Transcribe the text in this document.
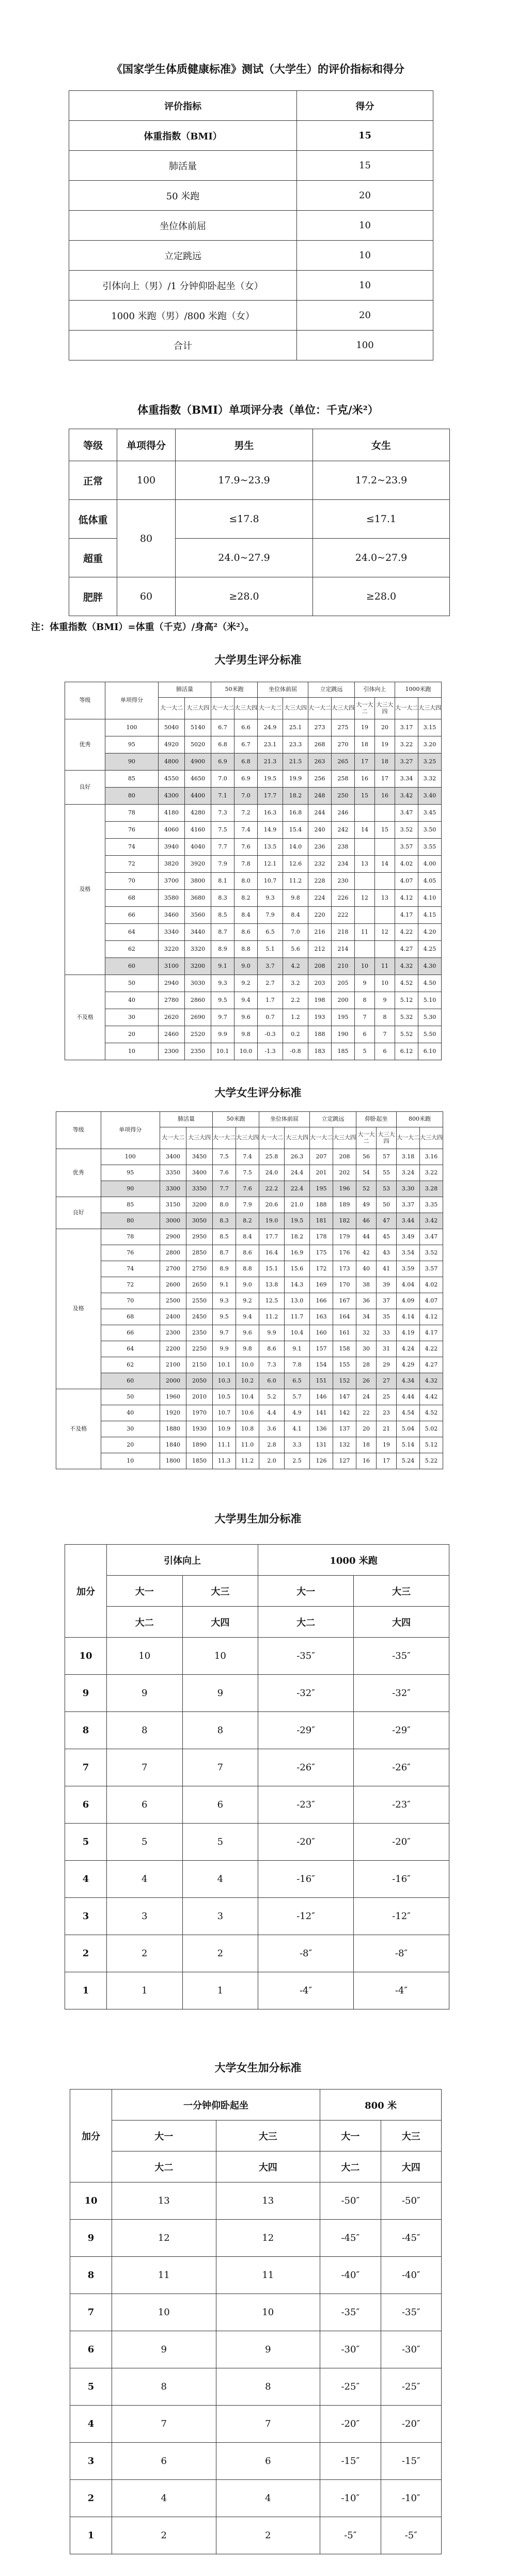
《国家学生体质健康标准》测试（大学生）的评价指标和得分
评价指标	得分
体重指数（BMI）	15
肺活量	15
50 米跑	20
坐位体前屈	10
立定跳远	10
引体向上（男）/1 分钟仰卧起坐（女）	10
1000 米跑（男）/800 米跑（女）	20
合计	100
体重指数（BMI）单项评分表（单位：千克/米²）
等级	单项得分	男生	女生
正常	100	17.9~23.9	17.2~23.9
低体重	80	≤17.8	≤17.1
超重		24.0~27.9	24.0~27.9
肥胖	60	≥28.0	≥28.0
注：体重指数（BMI）=体重（千克）/身高²（米²）。
大学男生评分标准
等级	单项得分	肺活量		50米跑		坐位体前屈		立定跳远		引体向上		1000米跑	
		大一大二	大三大四	大一大二	大三大四	大一大二	大三大四	大一大二	大三大四	大一大二	大三大四	大一大二	大三大四
优秀	100	5040	5140	6.7	6.6	24.9	25.1	273	275	19	20	3.17	3.15
	95	4920	5020	6.8	6.7	23.1	23.3	268	270	18	19	3.22	3.20
	90	4800	4900	6.9	6.8	21.3	21.5	263	265	17	18	3.27	3.25
良好	85	4550	4650	7.0	6.9	19.5	19.9	256	258	16	17	3.34	3.32
	80	4300	4400	7.1	7.0	17.7	18.2	248	250	15	16	3.42	3.40
及格	78	4180	4280	7.3	7.2	16.3	16.8	244	246			3.47	3.45
	76	4060	4160	7.5	7.4	14.9	15.4	240	242	14	15	3.52	3.50
	74	3940	4040	7.7	7.6	13.5	14.0	236	238			3.57	3.55
	72	3820	3920	7.9	7.8	12.1	12.6	232	234	13	14	4.02	4.00
	70	3700	3800	8.1	8.0	10.7	11.2	228	230			4.07	4.05
	68	3580	3680	8.3	8.2	9.3	9.8	224	226	12	13	4.12	4.10
	66	3460	3560	8.5	8.4	7.9	8.4	220	222			4.17	4.15
	64	3340	3440	8.7	8.6	6.5	7.0	216	218	11	12	4.22	4.20
	62	3220	3320	8.9	8.8	5.1	5.6	212	214			4.27	4.25
	60	3100	3200	9.1	9.0	3.7	4.2	208	210	10	11	4.32	4.30
不及格	50	2940	3030	9.3	9.2	2.7	3.2	203	205	9	10	4.52	4.50
	40	2780	2860	9.5	9.4	1.7	2.2	198	200	8	9	5.12	5.10
	30	2620	2690	9.7	9.6	0.7	1.2	193	195	7	8	5.32	5.30
	20	2460	2520	9.9	9.8	-0.3	0.2	188	190	6	7	5.52	5.50
	10	2300	2350	10.1	10.0	-1.3	-0.8	183	185	5	6	6.12	6.10
大学女生评分标准
等级	单项得分	肺活量		50米跑		坐位体前屈		立定跳远		仰卧起坐		800米跑	
		大一大二	大三大四	大一大二	大三大四	大一大二	大三大四	大一大二	大三大四	大一大二	大三大四	大一大二	大三大四
优秀	100	3400	3450	7.5	7.4	25.8	26.3	207	208	56	57	3.18	3.16
	95	3350	3400	7.6	7.5	24.0	24.4	201	202	54	55	3.24	3.22
	90	3300	3350	7.7	7.6	22.2	22.4	195	196	52	53	3.30	3.28
良好	85	3150	3200	8.0	7.9	20.6	21.0	188	189	49	50	3.37	3.35
	80	3000	3050	8.3	8.2	19.0	19.5	181	182	46	47	3.44	3.42
及格	78	2900	2950	8.5	8.4	17.7	18.2	178	179	44	45	3.49	3.47
	76	2800	2850	8.7	8.6	16.4	16.9	175	176	42	43	3.54	3.52
	74	2700	2750	8.9	8.8	15.1	15.6	172	173	40	41	3.59	3.57
	72	2600	2650	9.1	9.0	13.8	14.3	169	170	38	39	4.04	4.02
	70	2500	2550	9.3	9.2	12.5	13.0	166	167	36	37	4.09	4.07
	68	2400	2450	9.5	9.4	11.2	11.7	163	164	34	35	4.14	4.12
	66	2300	2350	9.7	9.6	9.9	10.4	160	161	32	33	4.19	4.17
	64	2200	2250	9.9	9.8	8.6	9.1	157	158	30	31	4.24	4.22
	62	2100	2150	10.1	10.0	7.3	7.8	154	155	28	29	4.29	4.27
	60	2000	2050	10.3	10.2	6.0	6.5	151	152	26	27	4.34	4.32
不及格	50	1960	2010	10.5	10.4	5.2	5.7	146	147	24	25	4.44	4.42
	40	1920	1970	10.7	10.6	4.4	4.9	141	142	22	23	4.54	4.52
	30	1880	1930	10.9	10.8	3.6	4.1	136	137	20	21	5.04	5.02
	20	1840	1890	11.1	11.0	2.8	3.3	131	132	18	19	5.14	5.12
	10	1800	1850	11.3	11.2	2.0	2.5	126	127	16	17	5.24	5.22
大学男生加分标准
加分	引体向上		1000 米跑	
	大一	大三	大一	大三
	大二	大四	大二	大四
10	10	10	-35″	-35″
9	9	9	-32″	-32″
8	8	8	-29″	-29″
7	7	7	-26″	-26″
6	6	6	-23″	-23″
5	5	5	-20″	-20″
4	4	4	-16″	-16″
3	3	3	-12″	-12″
2	2	2	-8″	-8″
1	1	1	-4″	-4″
大学女生加分标准
加分	一分钟仰卧起坐		800 米	
	大一	大三	大一	大三
	大二	大四	大二	大四
10	13	13	-50″	-50″
9	12	12	-45″	-45″
8	11	11	-40″	-40″
7	10	10	-35″	-35″
6	9	9	-30″	-30″
5	8	8	-25″	-25″
4	7	7	-20″	-20″
3	6	6	-15″	-15″
2	4	4	-10″	-10″
1	2	2	-5″	-5″
